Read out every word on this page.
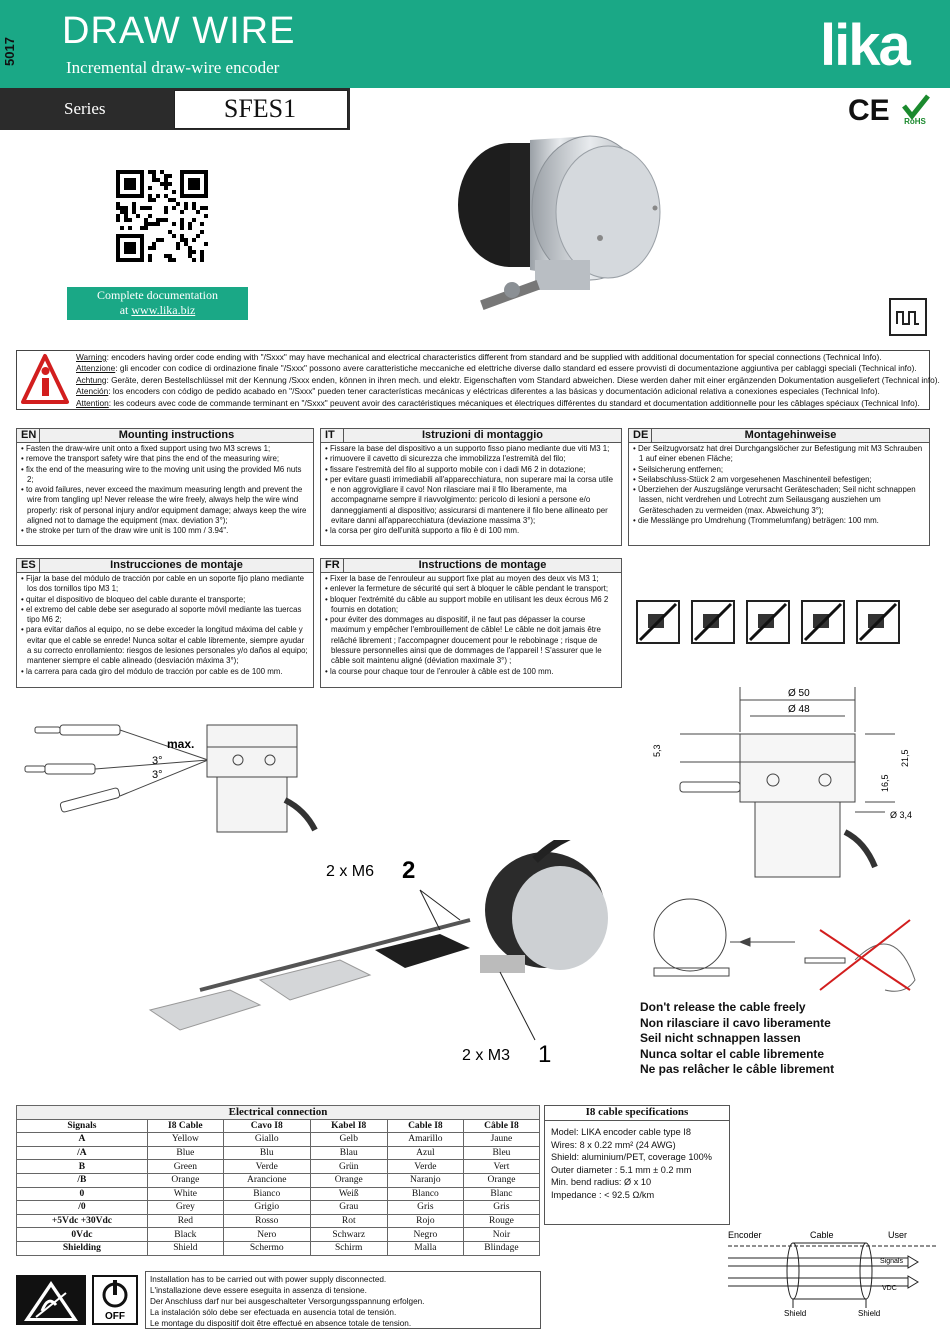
5017 DRAW WIRE
Incremental draw-wire encoder	lika
Series	SFES1	CE RoHS
Complete documentation
at www.lika.biz
Warning: encoders having order code ending with "/Sxxx" may have mechanical and electrical characteristics different from standard and be supplied with additional documentation for special connections (Technical Info).
Attenzione: gli encoder con codice di ordinazione finale "/Sxxx" possono avere caratteristiche meccaniche ed elettriche diverse dallo standard ed essere provvisti di documentazione aggiuntiva per cablaggi speciali (Technical info).
Achtung: Geräte, deren Bestellschlüssel mit der Kennung /Sxxx enden, können in ihren mech. und elektr. Eigenschaften vom Standard abweichen. Diese werden daher mit einer ergänzenden Dokumentation ausgeliefert (Technical info).
Atención: los encoders con código de pedido acabado en "/Sxxx" pueden tener características mecánicas y eléctricas diferentes a las básicas y documentación adicional relativa a conexiones especiales (Technical Info).
Attention: les codeurs avec code de commande terminant en "/Sxxx" peuvent avoir des caractéristiques mécaniques et électriques différentes du standard et documentation additionnelle pour les câblages spéciaux (Technical Info).
EN	Mounting instructions
• Fasten the draw-wire unit onto a fixed support using two M3 screws 1;
• remove the transport safety wire that pins the end of the measuring wire;
• fix the end of the measuring wire to the moving unit using the provided M6 nuts 2;
• to avoid failures, never exceed the maximum measuring length and prevent the wire from tangling up! Never release the wire freely, always help the wire wind properly: risk of personal injury and/or equipment damage; always keep the wire aligned not to damage the equipment (max. deviation 3°);
• the stroke per turn of the draw wire unit is 100 mm / 3.94".
IT	Istruzioni di montaggio
• Fissare la base del dispositivo a un supporto fisso piano mediante due viti M3 1;
• rimuovere il cavetto di sicurezza che immobilizza l'estremità del filo;
• fissare l'estremità del filo al supporto mobile con i dadi M6 2 in dotazione;
• per evitare guasti irrimediabili all'apparecchiatura, non superare mai la corsa utile e non aggrovigliare il cavo! Non rilasciare mai il filo liberamente, ma accompagnarne sempre il riavvolgimento: pericolo di lesioni a persone e/o danneggiamenti al dispositivo; assicurarsi di mantenere il filo bene allineato per evitare danni all'apparecchiatura (deviazione massima 3°);
• la corsa per giro dell'unità supporto a filo è di 100 mm.
DE	Montagehinweise
• Der Seilzugvorsatz hat drei Durchgangslöcher zur Befestigung mit M3 Schrauben 1 auf einer ebenen Fläche;
• Seilsicherung entfernen;
• Seilabschluss-Stück 2 am vorgesehenen Maschinenteil befestigen;
• Überziehen der Auszugslänge verursacht Geräteschaden; Seil nicht schnappen lassen, nicht verdrehen und Lotrecht zum Seilausgang ausziehen um Geräteschaden zu vermeiden (max. Abweichung 3°);
• die Messlänge pro Umdrehung (Trommelumfang) beträgen: 100 mm.
ES	Instrucciones de montaje
• Fijar la base del módulo de tracción por cable en un soporte fijo plano mediante los dos tornillos tipo M3 1;
• quitar el dispositivo de bloqueo del cable durante el transporte;
• el extremo del cable debe ser asegurado al soporte móvil mediante las tuercas tipo M6 2;
• para evitar daños al equipo, no se debe exceder la longitud máxima del cable y evitar que el cable se enrede! Nunca soltar el cable libremente, siempre ayudar a su correcto enrollamiento: riesgos de lesiones personales y/o daños al equipo; mantener siempre el cable alineado (desviación máxima 3°);
• la carrera para cada giro del módulo de tracción por cable es de 100 mm.
FR	Instructions de montage
• Fixer la base de l'enrouleur au support fixe plat au moyen des deux vis M3 1;
• enlever la fermeture de sécurité qui sert à bloquer le câble pendant le transport;
• bloquer l'extrémité du câble au support mobile en utilisant les deux écrous M6 2 fournis en dotation;
• pour éviter des dommages au dispositif, il ne faut pas dépasser la course maximum y empêcher l'embrouillement de câble! Le câble ne doit jamais être relâché librement ; l'accompagner doucement pour le rebobinage ; risque de blessure personnelles ainsi que de dommages de l'appareil ! S'assurer que le câble soit maintenu aligné (déviation maximale 3°) ;
• la course pour chaque tour de l'enrouler à câble est de 100 mm.
max.
3°
3°
Ø 50
Ø 48
5,3	21,5
16,5
Ø 3,4
2 x M6 2
2 x M3 1
Don't release the cable freely
Non rilasciare il cavo liberamente
Seil nicht schnappen lassen
Nunca soltar el cable libremente
Ne pas relâcher le câble librement
Electrical connection					
Signals	I8 Cable	Cavo I8	Kabel I8	Cable I8	Câble I8
A	Yellow	Giallo	Gelb	Amarillo	Jaune
/A	Blue	Blu	Blau	Azul	Bleu
B	Green	Verde	Grün	Verde	Vert
/B	Orange	Arancione	Orange	Naranjo	Orange
0	White	Bianco	Weiß	Blanco	Blanc
/0	Grey	Grigio	Grau	Gris	Gris
+5Vdc +30Vdc	Red	Rosso	Rot	Rojo	Rouge
0Vdc	Black	Nero	Schwarz	Negro	Noir
Shielding	Shield	Schermo	Schirm	Malla	Blindage
I8 cable specifications
Model: LIKA encoder cable type I8
Wires: 8 x 0.22 mm² (24 AWG)
Shield: aluminium/PET, coverage 100%
Outer diameter : 5.1 mm ± 0.2 mm
Min. bend radius: Ø x 10
Impedance : < 92.5 Ω/km
Encoder	Cable	User
Signals
VDC
Shield	Shield
OFF
Installation has to be carried out with power supply disconnected.
L'installazione deve essere eseguita in assenza di tensione.
Der Anschluss darf nur bei ausgeschalteter Versorgungsspannung erfolgen.
La instalación sólo debe ser efectuada en ausencia total de tensión.
Le montage du dispositif doit être effectué en absence totale de tension.
